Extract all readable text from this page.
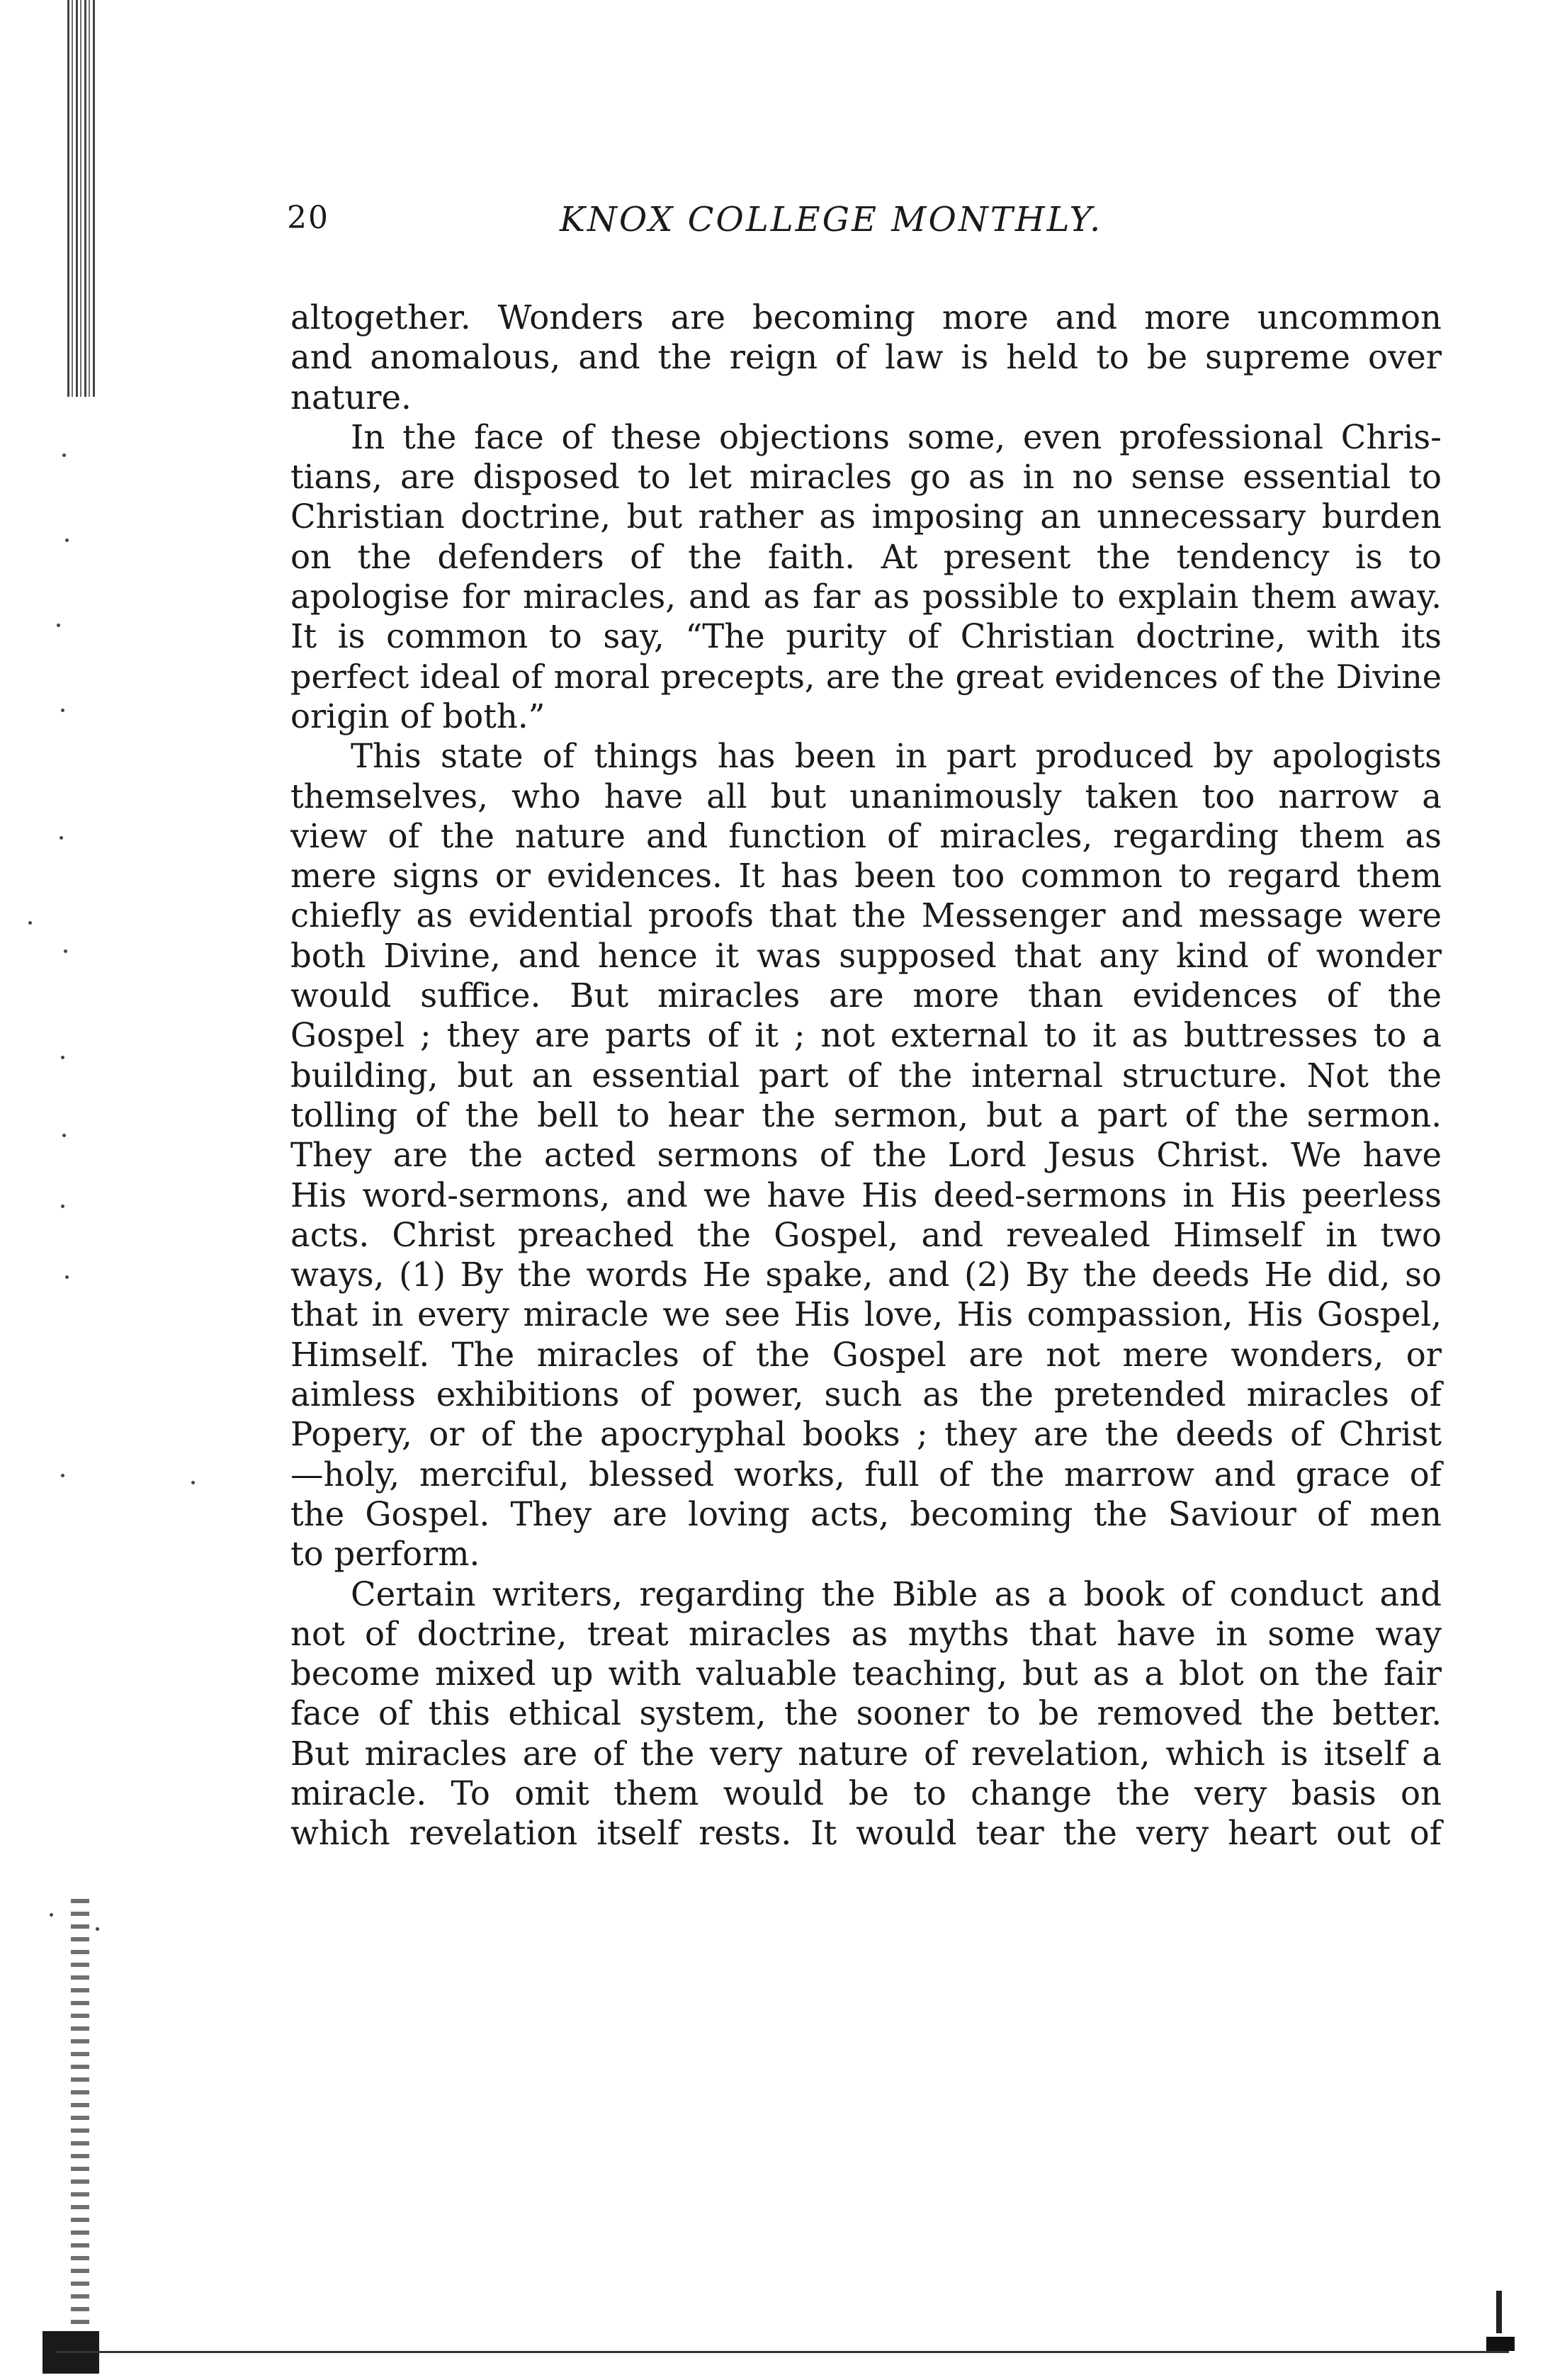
20	KNOX COLLEGE MONTHLY.
altogether. Wonders are becoming more and more uncommon
and anomalous, and the reign of law is held to be supreme over
nature.
In the face of these objections some, even professional Chris-
tians, are disposed to let miracles go as in no sense essential to
Christian doctrine, but rather as imposing an unnecessary burden
on the defenders of the faith. At present the tendency is to
apologise for miracles, and as far as possible to explain them away.
It is common to say, “The purity of Christian doctrine, with its
perfect ideal of moral precepts, are the great evidences of the Divine
origin of both.”
This state of things has been in part produced by apologists
themselves, who have all but unanimously taken too narrow a
view of the nature and function of miracles, regarding them as
mere signs or evidences. It has been too common to regard them
chiefly as evidential proofs that the Messenger and message were
both Divine, and hence it was supposed that any kind of wonder
would suffice. But miracles are more than evidences of the
Gospel ; they are parts of it ; not external to it as buttresses to a
building, but an essential part of the internal structure. Not the
tolling of the bell to hear the sermon, but a part of the sermon.
They are the acted sermons of the Lord Jesus Christ. We have
His word-sermons, and we have His deed-sermons in His peerless
acts. Christ preached the Gospel, and revealed Himself in two
ways, (1) By the words He spake, and (2) By the deeds He did, so
that in every miracle we see His love, His compassion, His Gospel,
Himself. The miracles of the Gospel are not mere wonders, or
aimless exhibitions of power, such as the pretended miracles of
Popery, or of the apocryphal books ; they are the deeds of Christ
—holy, merciful, blessed works, full of the marrow and grace of
the Gospel. They are loving acts, becoming the Saviour of men
to perform.
Certain writers, regarding the Bible as a book of conduct and
not of doctrine, treat miracles as myths that have in some way
become mixed up with valuable teaching, but as a blot on the fair
face of this ethical system, the sooner to be removed the better.
But miracles are of the very nature of revelation, which is itself a
miracle. To omit them would be to change the very basis on
which revelation itself rests. It would tear the very heart out of
